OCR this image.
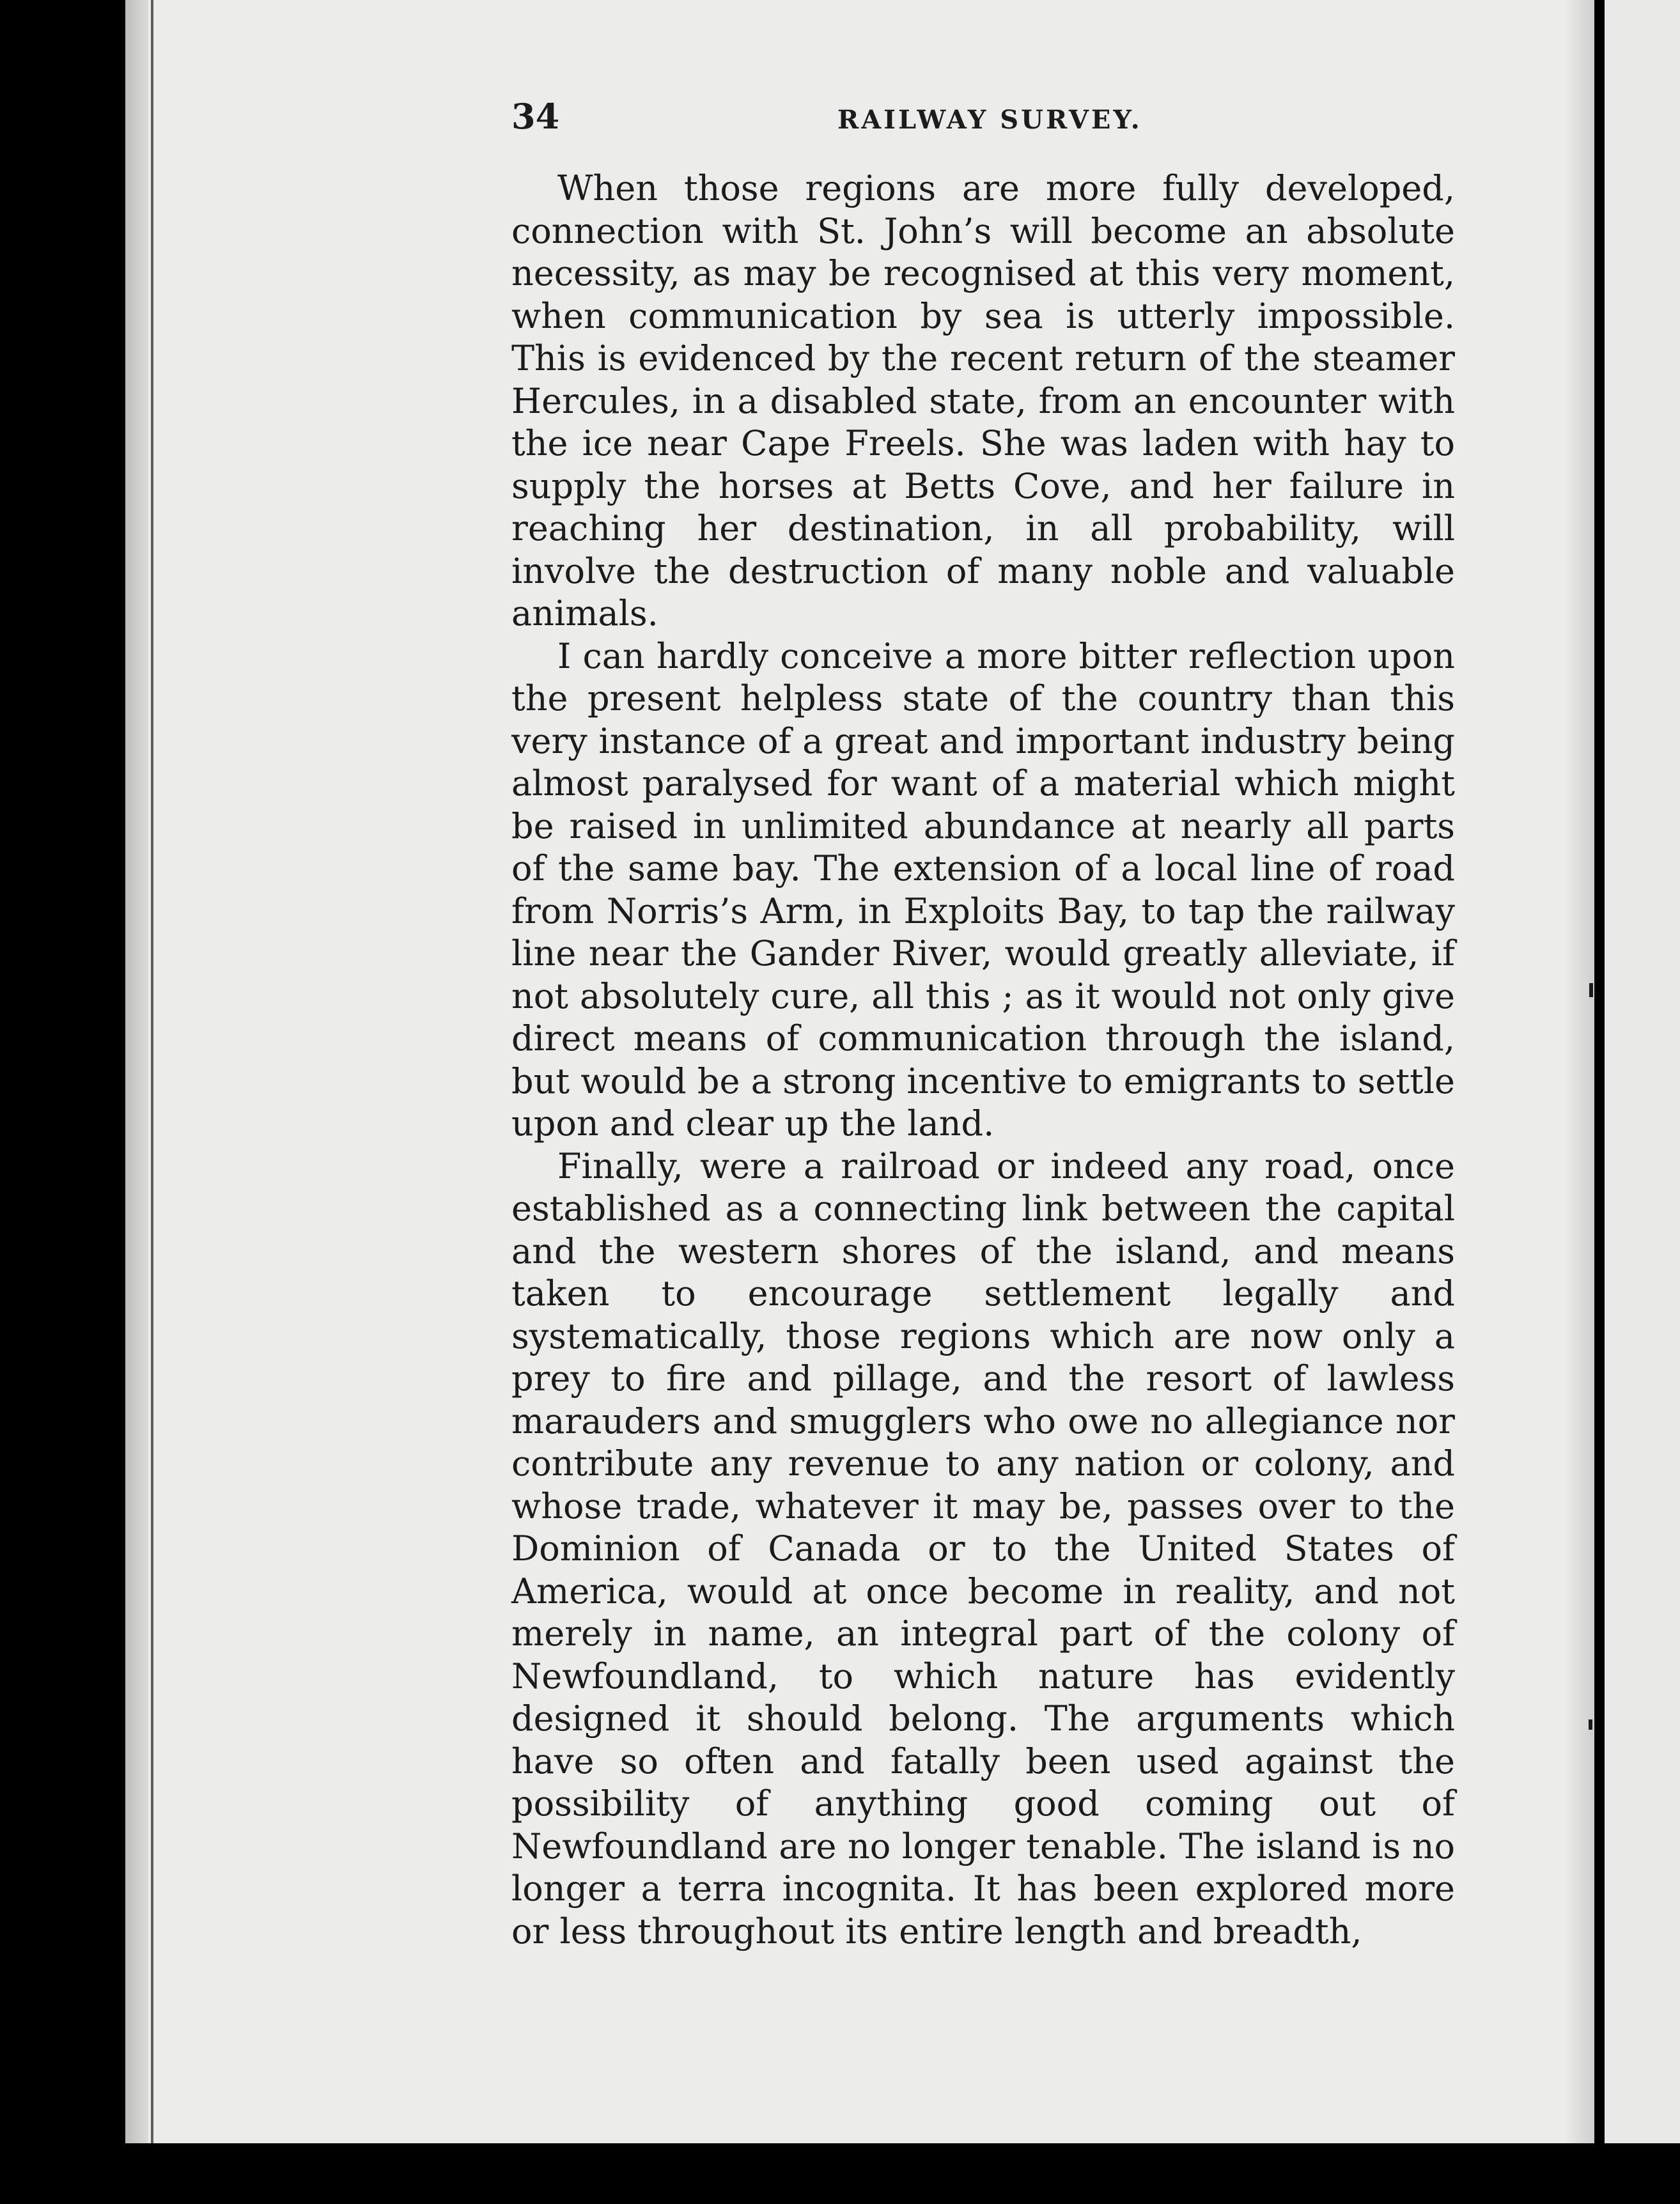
34	RAILWAY SURVEY.

When those regions are more fully developed, connection with St. John’s will become an absolute necessity, as may be recognised at this very moment, when communication by sea is utterly impossible. This is evidenced by the recent return of the steamer Hercules, in a disabled state, from an encounter with the ice near Cape Freels. She was laden with hay to supply the horses at Betts Cove, and her failure in reaching her destination, in all probability, will involve the destruction of many noble and valuable animals.

I can hardly conceive a more bitter reflection upon the present helpless state of the country than this very instance of a great and important industry being almost paralysed for want of a material which might be raised in unlimited abundance at nearly all parts of the same bay. The extension of a local line of road from Norris’s Arm, in Exploits Bay, to tap the railway line near the Gander River, would greatly alleviate, if not absolutely cure, all this ; as it would not only give direct means of communication through the island, but would be a strong incentive to emigrants to settle upon and clear up the land.

Finally, were a railroad or indeed any road, once established as a connecting link between the capital and the western shores of the island, and means taken to encourage settlement legally and systematically, those regions which are now only a prey to fire and pillage, and the resort of lawless marauders and smugglers who owe no allegiance nor contribute any revenue to any nation or colony, and whose trade, whatever it may be, passes over to the Dominion of Canada or to the United States of America, would at once become in reality, and not merely in name, an integral part of the colony of Newfoundland, to which nature has evidently designed it should belong. The arguments which have so often and fatally been used against the possibility of anything good coming out of Newfoundland are no longer tenable. The island is no longer a terra incognita. It has been explored more or less throughout its entire length and breadth,
